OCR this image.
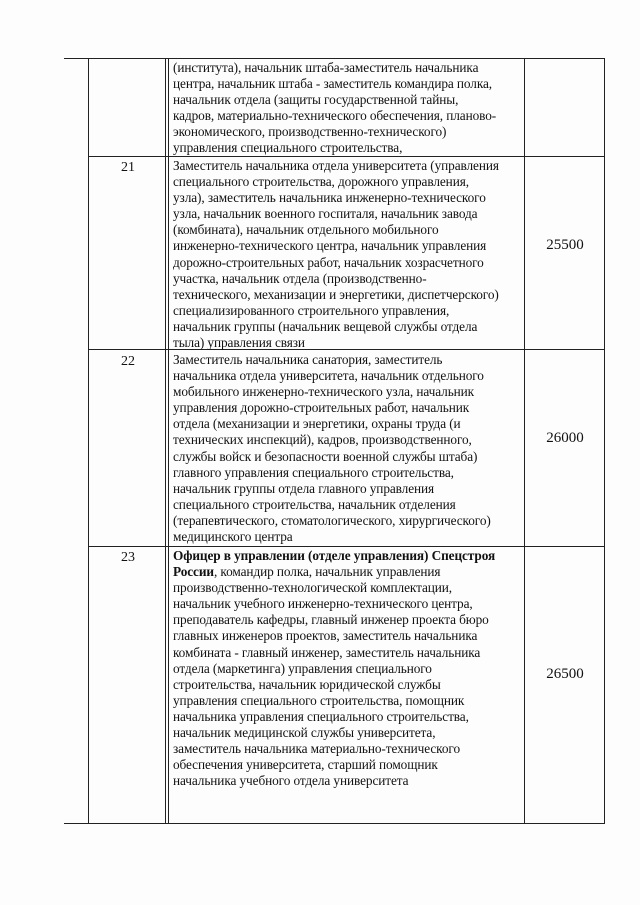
(института), начальник штаба-заместитель начальника
центра, начальник штаба - заместитель командира полка,
начальник отдела (защиты государственной тайны,
кадров, материально-технического обеспечения, планово-
экономического, производственно-технического)
управления специального строительства,
21	Заместитель начальника отдела университета (управления
специального строительства, дорожного управления,
узла), заместитель начальника инженерно-технического
узла, начальник военного госпиталя, начальник завода
(комбината), начальник отдельного мобильного
инженерно-технического центра, начальник управления
дорожно-строительных работ, начальник хозрасчетного
участка, начальник отдела (производственно-
технического, механизации и энергетики, диспетчерского)
специализированного строительного управления,
начальник группы (начальник вещевой службы отдела
тыла) управления связи
25500
22	Заместитель начальника санатория, заместитель
начальника отдела университета, начальник отдельного
мобильного инженерно-технического узла, начальник
управления дорожно-строительных работ, начальник
отдела (механизации и энергетики, охраны труда (и
технических инспекций), кадров, производственного,
службы войск и безопасности военной службы штаба)
главного управления специального строительства,
начальник группы отдела главного управления
специального строительства, начальник отделения
(терапевтического, стоматологического, хирургического)
медицинского центра
26000
23	Офицер в управлении (отделе управления) Спецстроя
России, командир полка, начальник управления
производственно-технологической комплектации,
начальник учебного инженерно-технического центра,
преподаватель кафедры, главный инженер проекта бюро
главных инженеров проектов, заместитель начальника
комбината - главный инженер, заместитель начальника
отдела (маркетинга) управления специального
строительства, начальник юридической службы
управления специального строительства, помощник
начальника управления специального строительства,
начальник медицинской службы университета,
заместитель начальника материально-технического
обеспечения университета, старший помощник
начальника учебного отдела университета
26500
